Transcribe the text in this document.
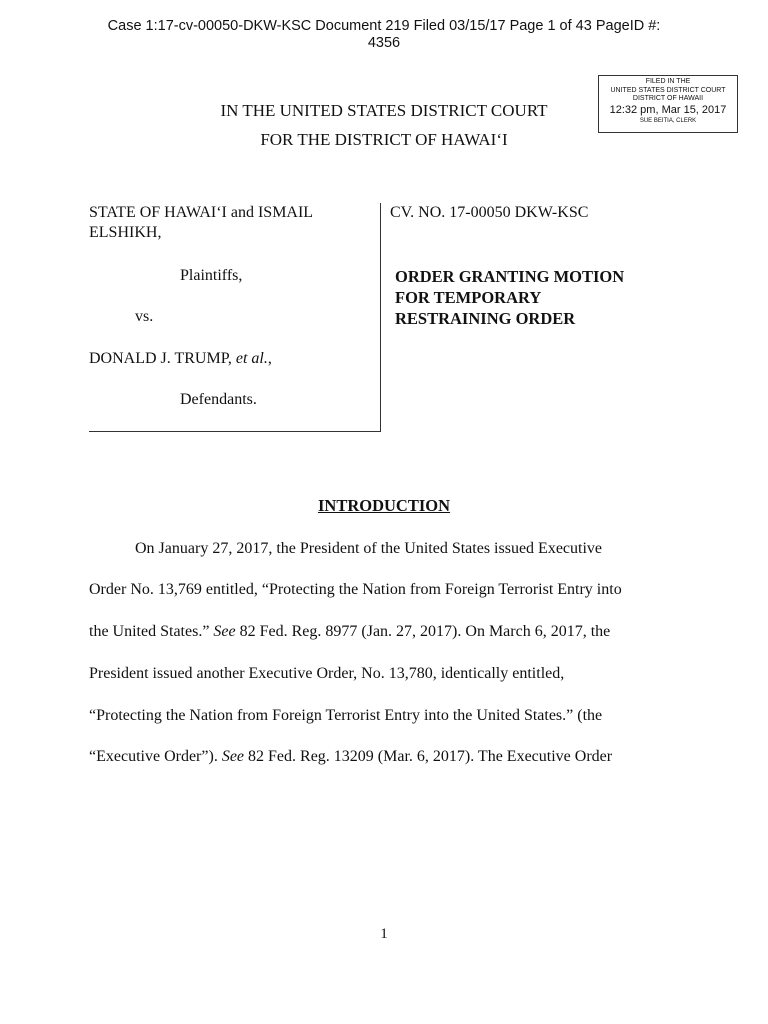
Case 1:17-cv-00050-DKW-KSC Document 219 Filed 03/15/17 Page 1 of 43 PageID #:
4356
FILED IN THE
UNITED STATES DISTRICT COURT
DISTRICT OF HAWAII
12:32 pm, Mar 15, 2017
SUE BEITIA, CLERK
IN THE UNITED STATES DISTRICT COURT
FOR THE DISTRICT OF HAWAI‘I
STATE OF HAWAI‘I and ISMAIL
ELSHIKH,
Plaintiffs,
vs.
DONALD J. TRUMP, et al.,
Defendants.
CV. NO. 17-00050 DKW-KSC
ORDER GRANTING MOTION
FOR TEMPORARY
RESTRAINING ORDER
INTRODUCTION
On January 27, 2017, the President of the United States issued Executive
Order No. 13,769 entitled, “Protecting the Nation from Foreign Terrorist Entry into
the United States.” See 82 Fed. Reg. 8977 (Jan. 27, 2017). On March 6, 2017, the
President issued another Executive Order, No. 13,780, identically entitled,
“Protecting the Nation from Foreign Terrorist Entry into the United States.” (the
“Executive Order”). See 82 Fed. Reg. 13209 (Mar. 6, 2017). The Executive Order
1
